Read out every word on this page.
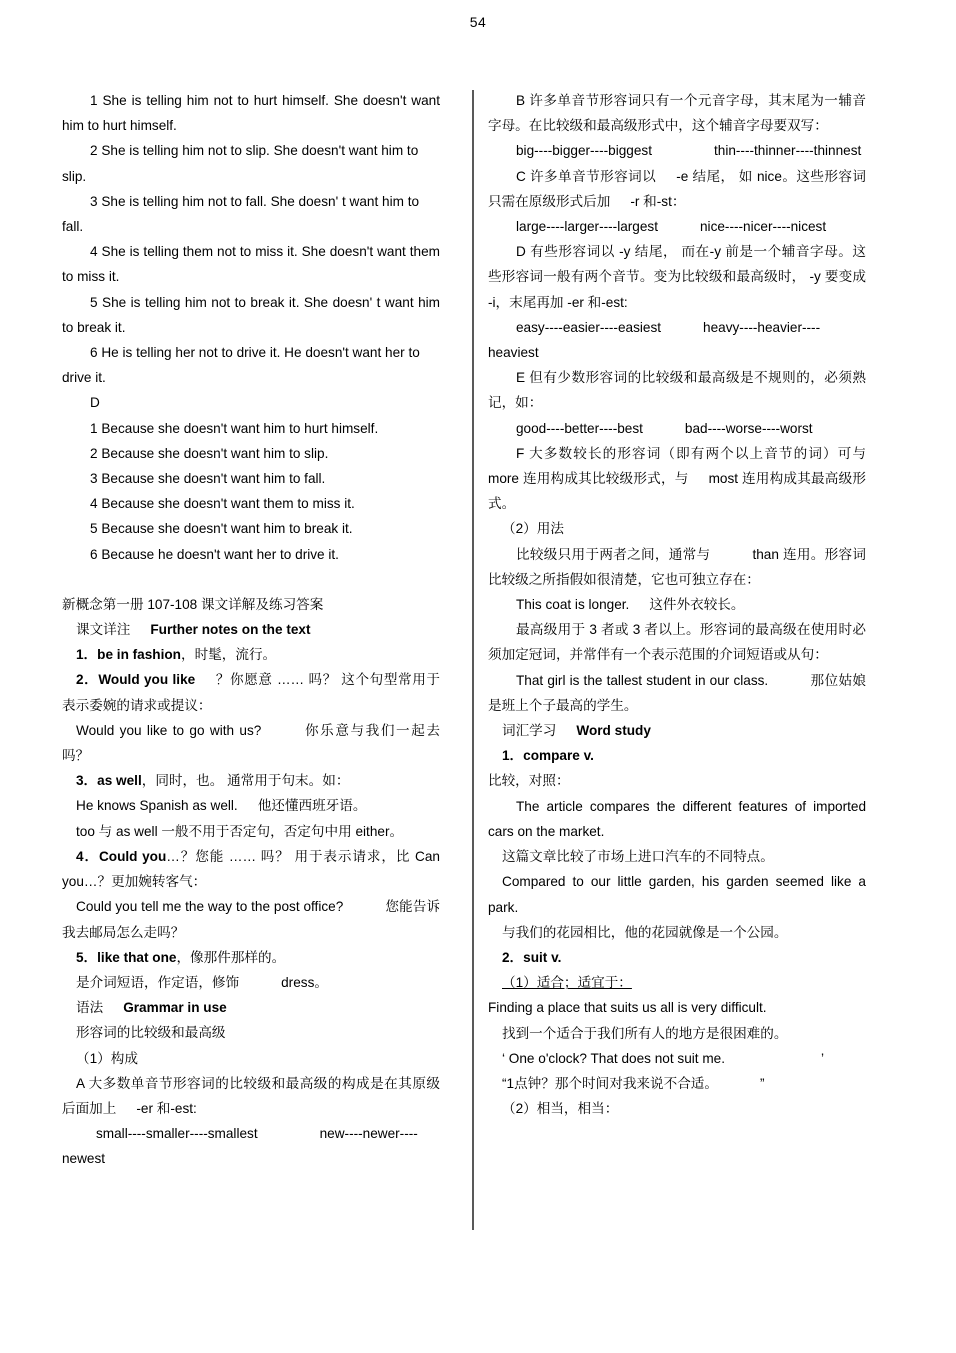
54

1 She is telling him not to hurt himself. She doesn't want him to hurt himself.

2 She is telling him not to slip. She doesn't want him to slip.

3 She is telling him not to fall. She doesn' t want him to fall.

4 She is telling them not to miss it. She doesn't want them to miss it.

5 She is telling him not to break it. She doesn' t want him to break it.

6 He is telling her not to drive it. He doesn't want her to drive it.

D

1 Because she doesn't want him to hurt himself.

2 Because she doesn't want him to slip.

3 Because she doesn't want him to fall.

4 Because she doesn't want them to miss it.

5 Because she doesn't want him to break it.

6 Because he doesn't want her to drive it.

新概念第一册 107-108 课文详解及练习答案

课文详注 Further notes on the text

1．be in fashion，时髦，流行。

2．Would you like ？你愿意 …… 吗？ 这个句型常用于表示委婉的请求或提议：

Would you like to go with us?	你乐意与我们一起去吗？

3．as well，同时，也。 通常用于句末。如：

He knows Spanish as well. 他还懂西班牙语。

too 与 as well 一般不用于否定句，否定句中用 either。

4．Could you…？您能 …… 吗？ 用于表示请求，比 Can you…？更加婉转客气：

Could you tell me the way to the post office?	您能告诉我去邮局怎么走吗？

5．like that one，像那件那样的。

是介词短语，作定语，修饰	dress。

语法 Grammar in use

形容词的比较级和最高级

（1）构成

A 大多数单音节形容词的比较级和最高级的构成是在其原级后面加上 -er 和-est:

small----smaller----smallest	new----newer----newest

B 许多单音节形容词只有一个元音字母，其末尾为一辅音字母。在比较级和最高级形式中，这个辅音字母要双写：

big----bigger----biggest	thin----thinner----thinnest

C 许多单音节形容词以 -e 结尾， 如 nice。这些形容词只需在原级形式后加 -r 和-st：

large----larger----largest	nice----nicer----nicest

D 有些形容词以 -y 结尾， 而在-y 前是一个辅音字母。这些形容词一般有两个音节。变为比较级和最高级时， -y 要变成 -i，末尾再加 -er 和-est:

easy----easier----easiest	heavy----heavier----heaviest

E 但有少数形容词的比较级和最高级是不规则的，必须熟记，如：

good----better----best	bad----worse----worst

F 大多数较长的形容词（即有两个以上音节的词）可与 more 连用构成其比较级形式，与 most 连用构成其最高级形式。

（2）用法

比较级只用于两者之间，通常与	than 连用。形容词比较级之所指假如很清楚，它也可独立存在：

This coat is longer. 这件外衣较长。

最高级用于 3 者或 3 者以上。形容词的最高级在使用时必须加定冠词，并常伴有一个表示范围的介词短语或从句：

That girl is the tallest student in our class.	那位姑娘是班上个子最高的学生。

词汇学习 Word study

1．compare v.

比较，对照：

The article compares the different features of imported cars on the market.

这篇文章比较了市场上进口汽车的不同特点。

Compared to our little garden, his garden seemed like a park.

与我们的花园相比，他的花园就像是一个公园。

2．suit v.

（1）适合；适宜于：

Finding a place that suits us all is very difficult.

找到一个适合于我们所有人的地方是很困难的。

‘ One o'clock? That does not suit me.	’

“1点钟？那个时间对我来说不合适。	”

（2）相当，相当：
